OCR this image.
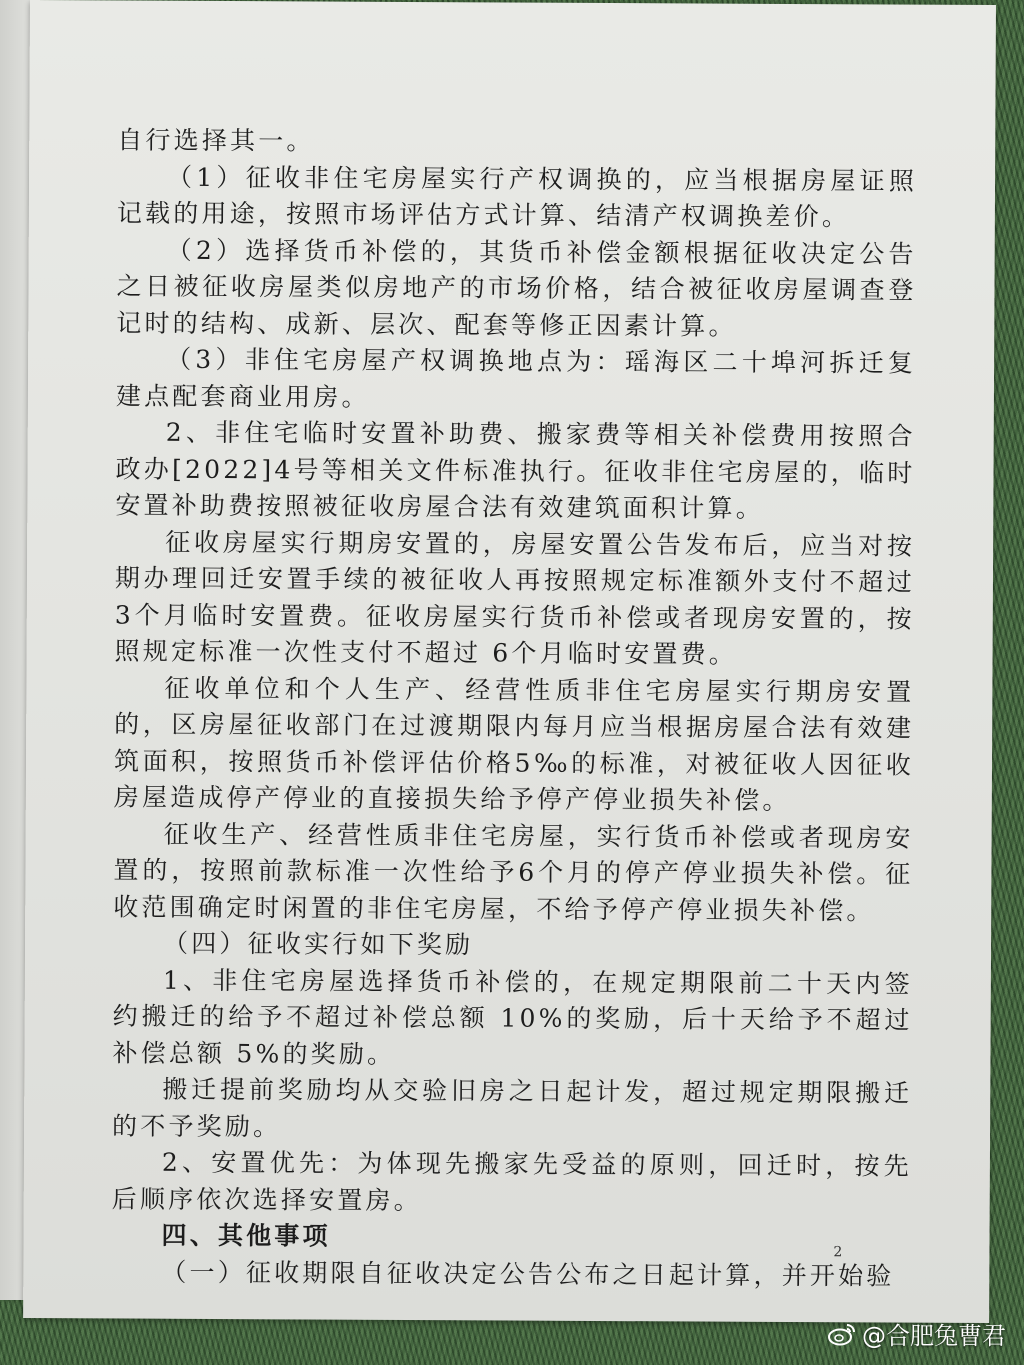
自行选择其一。

（1）征收非住宅房屋实行产权调换的，应当根据房屋证照记载的用途，按照市场评估方式计算、结清产权调换差价。

（2）选择货币补偿的，其货币补偿金额根据征收决定公告之日被征收房屋类似房地产的市场价格，结合被征收房屋调查登记时的结构、成新、层次、配套等修正因素计算。

（3）非住宅房屋产权调换地点为：瑶海区二十埠河拆迁复建点配套商业用房。

2、非住宅临时安置补助费、搬家费等相关补偿费用按照合政办[2022]4号等相关文件标准执行。征收非住宅房屋的，临时安置补助费按照被征收房屋合法有效建筑面积计算。

征收房屋实行期房安置的，房屋安置公告发布后，应当对按期办理回迁安置手续的被征收人再按照规定标准额外支付不超过3个月临时安置费。征收房屋实行货币补偿或者现房安置的，按照规定标准一次性支付不超过 6个月临时安置费。

征收单位和个人生产、经营性质非住宅房屋实行期房安置的，区房屋征收部门在过渡期限内每月应当根据房屋合法有效建筑面积，按照货币补偿评估价格5‰的标准，对被征收人因征收房屋造成停产停业的直接损失给予停产停业损失补偿。

征收生产、经营性质非住宅房屋，实行货币补偿或者现房安置的，按照前款标准一次性给予6个月的停产停业损失补偿。征收范围确定时闲置的非住宅房屋，不给予停产停业损失补偿。

（四）征收实行如下奖励

1、非住宅房屋选择货币补偿的，在规定期限前二十天内签约搬迁的给予不超过补偿总额 10%的奖励，后十天给予不超过补偿总额 5%的奖励。

搬迁提前奖励均从交验旧房之日起计发，超过规定期限搬迁的不予奖励。

2、安置优先：为体现先搬家先受益的原则，回迁时，按先后顺序依次选择安置房。

四、其他事项

（一）征收期限自征收决定公告公布之日起计算，并开始验

2
@合肥兔曹君
